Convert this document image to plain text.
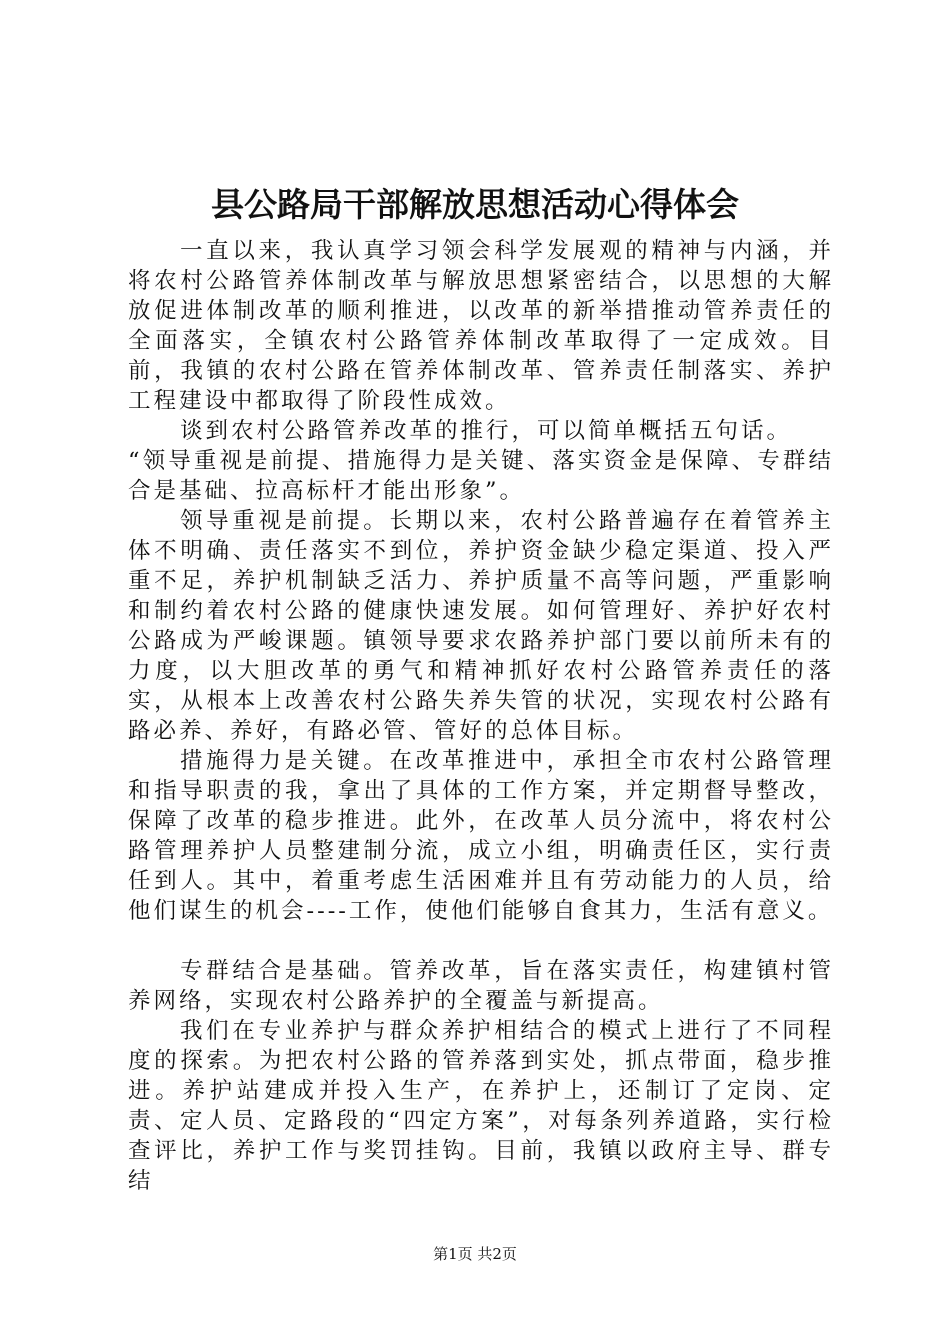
县公路局干部解放思想活动心得体会

一直以来，我认真学习领会科学发展观的精神与内涵，并将农村公路管养体制改革与解放思想紧密结合，以思想的大解放促进体制改革的顺利推进，以改革的新举措推动管养责任的全面落实，全镇农村公路管养体制改革取得了一定成效。目前，我镇的农村公路在管养体制改革、管养责任制落实、养护工程建设中都取得了阶段性成效。

谈到农村公路管养改革的推行，可以简单概括五句话。

“领导重视是前提、措施得力是关键、落实资金是保障、专群结合是基础、拉高标杆才能出形象”。

领导重视是前提。长期以来，农村公路普遍存在着管养主体不明确、责任落实不到位，养护资金缺少稳定渠道、投入严重不足，养护机制缺乏活力、养护质量不高等问题，严重影响和制约着农村公路的健康快速发展。如何管理好、养护好农村公路成为严峻课题。镇领导要求农路养护部门要以前所未有的力度，以大胆改革的勇气和精神抓好农村公路管养责任的落实，从根本上改善农村公路失养失管的状况，实现农村公路有路必养、养好，有路必管、管好的总体目标。

措施得力是关键。在改革推进中，承担全市农村公路管理和指导职责的我，拿出了具体的工作方案，并定期督导整改，保障了改革的稳步推进。此外，在改革人员分流中，将农村公路管理养护人员整建制分流，成立小组，明确责任区，实行责任到人。其中，着重考虑生活困难并且有劳动能力的人员，给他们谋生的机会----工作，使他们能够自食其力，生活有意义。

专群结合是基础。管养改革，旨在落实责任，构建镇村管养网络，实现农村公路养护的全覆盖与新提高。

我们在专业养护与群众养护相结合的模式上进行了不同程度的探索。为把农村公路的管养落到实处，抓点带面，稳步推进。养护站建成并投入生产，在养护上，还制订了定岗、定责、定人员、定路段的“四定方案”，对每条列养道路，实行检查评比，养护工作与奖罚挂钩。目前，我镇以政府主导、群专结

第1页 共2页
